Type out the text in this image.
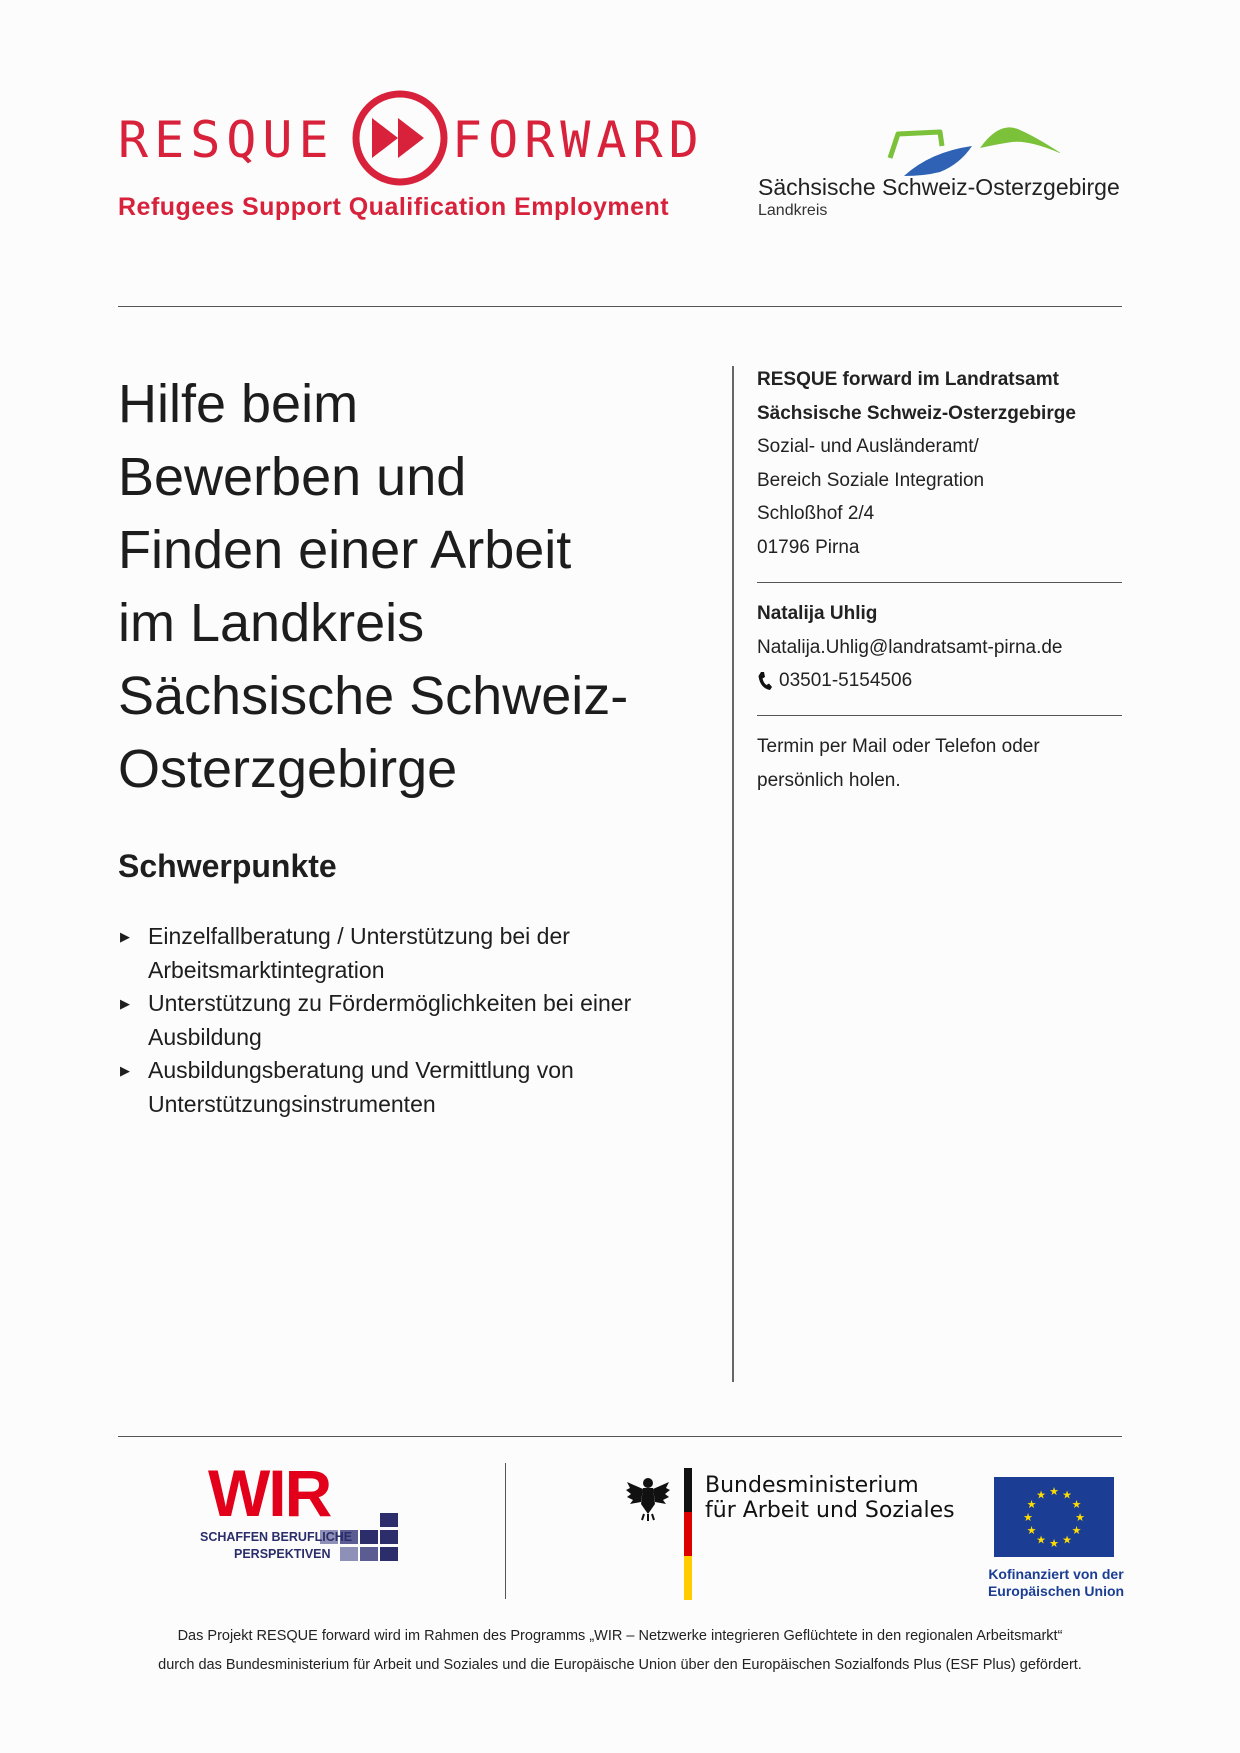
RESQUE FORWARD
Refugees Support Qualification Employment
Sächsische Schweiz-Osterzgebirge
Landkreis
Hilfe beim
Bewerben und
Finden einer Arbeit
im Landkreis
Sächsische Schweiz-
Osterzgebirge
Schwerpunkte
▶ Einzelfallberatung / Unterstützung bei der
Arbeitsmarktintegration
▶ Unterstützung zu Fördermöglichkeiten bei einer
Ausbildung
▶ Ausbildungsberatung und Vermittlung von
Unterstützungsinstrumenten
RESQUE forward im Landratsamt
Sächsische Schweiz-Osterzgebirge
Sozial- und Ausländeramt/
Bereich Soziale Integration
Schloßhof 2/4
01796 Pirna
Natalija Uhlig
Natalija.Uhlig@landratsamt-pirna.de
03501-5154506
Termin per Mail oder Telefon oder
persönlich holen.
WIR
SCHAFFEN BERUFLICHE
PERSPEKTIVEN
Bundesministerium
für Arbeit und Soziales
★ ★
★
★
★
★
★
★
★
★
★
★
Kofinanziert von der
Europäischen Union
Das Projekt RESQUE forward wird im Rahmen des Programms „WIR – Netzwerke integrieren Geflüchtete in den regionalen Arbeitsmarkt“
durch das Bundesministerium für Arbeit und Soziales und die Europäische Union über den Europäischen Sozialfonds Plus (ESF Plus) gefördert.
